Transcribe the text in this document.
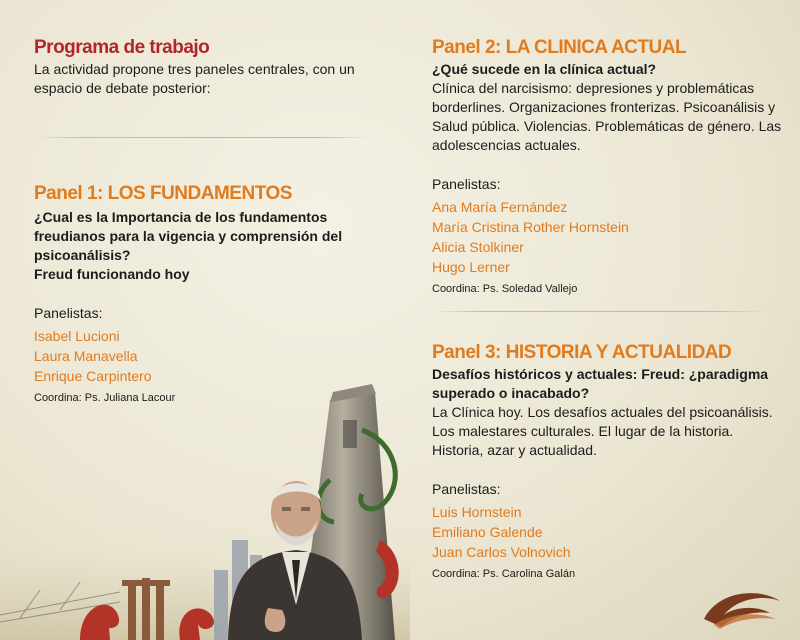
Programa de trabajo

La actividad propone tres paneles centrales, con un espacio de debate posterior:

Panel 1: LOS FUNDAMENTOS

¿Cual es la Importancia de los fundamentos freudianos para la vigencia y comprensión del psicoanálisis?

Freud funcionando hoy

Panelistas:
Isabel Lucioni
Laura Manavella
Enrique Carpintero
Coordina: Ps. Juliana Lacour
Panel 2: LA CLINICA ACTUAL

¿Qué sucede en la clínica actual?

Clínica del narcisismo: depresiones y problemáticas borderlines. Organizaciones fronterizas. Psicoanálisis y Salud pública. Violencias. Problemáticas de género. Las adolescencias actuales.

Panelistas:
Ana María Fernández
María Cristina Rother Hornstein
Alicia Stolkiner
Hugo Lerner
Coordina: Ps. Soledad Vallejo
Panel 3: HISTORIA Y ACTUALIDAD

Desafíos históricos y actuales: Freud: ¿paradigma superado o inacabado?

La Clínica hoy. Los desafíos actuales del psicoanálisis. Los malestares culturales. El lugar de la historia. Historia, azar y actualidad.

Panelistas:
Luis Hornstein
Emiliano Galende
Juan Carlos Volnovich
Coordina: Ps. Carolina Galán
